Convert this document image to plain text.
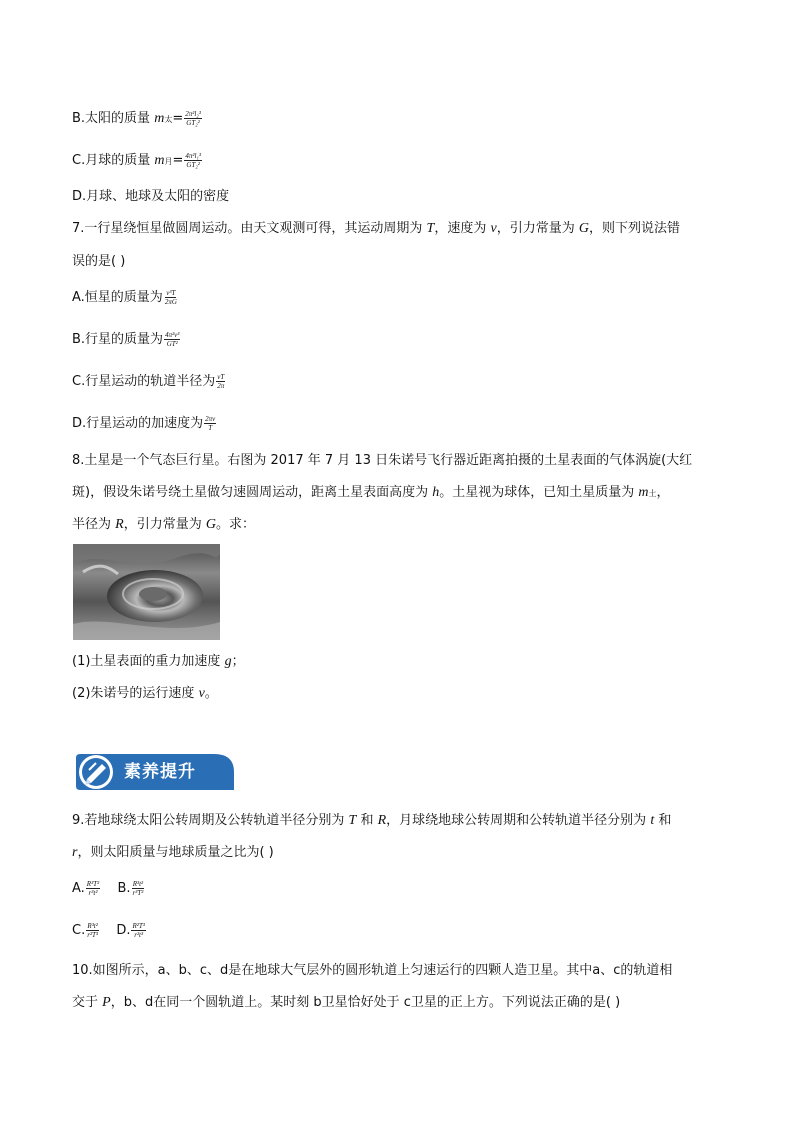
B.太阳的质量 m太= $\frac{\text{2π²l₂³}}{\text{GT₂²}}$
C.月球的质量 m月= $\frac{\text{4π²l₁³}}{\text{GT₂²}}$
D.月球、地球及太阳的密度
7.一行星绕恒星做圆周运动。由天文观测可得，其运动周期为 T，速度为 v，引力常量为 G，则下列说法错
误的是( )
A.恒星的质量为 $\frac{\text{v³T}}{2\pi G}$
B.行星的质量为 $\frac{\text{4π²v³}}{\text{GT²}}$
C.行星运动的轨道半径为 $\frac{vT}{2\pi}$
D.行星运动的加速度为 $\frac{2\pi v}{T}$
8.土星是一个气态巨行星。右图为 2017 年 7 月 13 日朱诺号飞行器近距离拍摄的土星表面的气体涡旋(大红
斑)，假设朱诺号绕土星做匀速圆周运动，距离土星表面高度为 h。土星视为球体，已知土星质量为 m土，
半径为 R，引力常量为 G。求：
(1)土星表面的重力加速度 g；
(2)朱诺号的运行速度 v。
素养提升
9.若地球绕太阳公转周期及公转轨道半径分别为 T 和 R，月球绕地球公转周期和公转轨道半径分别为 t 和
r，则太阳质量与地球质量之比为( )
A. $\frac{\text{R³T²}}{\text{r³t²}} B$. $\frac{\text{R³t²}}{\text{r³T²}}$
C. $\frac{\text{R³t²}}{\text{r²T³}} D$. $\frac{\text{R²T³}}{\text{r²t³}}$
10.如图所示，a、b、c、d是在地球大气层外的圆形轨道上匀速运行的四颗人造卫星。其中a、c的轨道相
交于 P，b、d在同一个圆轨道上。某时刻 b卫星恰好处于 c卫星的正上方。下列说法正确的是( )
